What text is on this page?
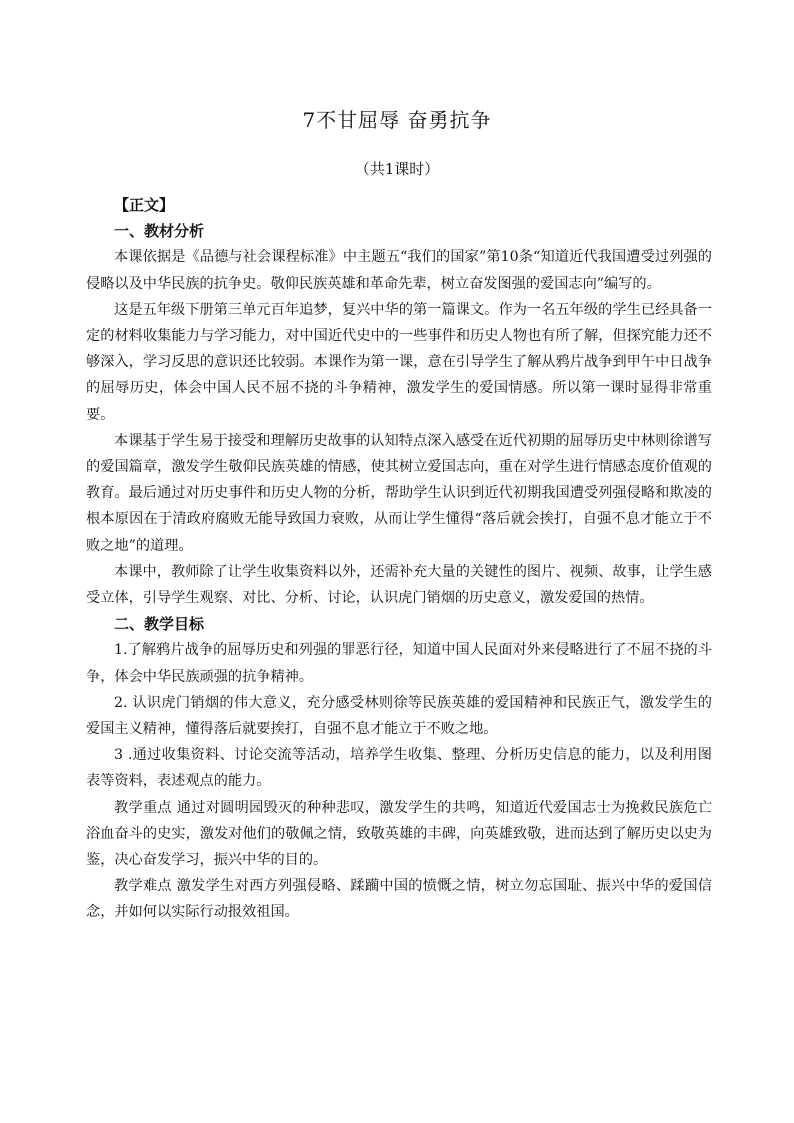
7不甘屈辱 奋勇抗争
（共1课时）

【正文】

一、教材分析

本课依据是《品德与社会课程标准》中主题五“我们的国家”第10条“知道近代我国遭受过列强的侵略以及中华民族的抗争史。敬仰民族英雄和革命先辈，树立奋发图强的爱国志向”编写的。

这是五年级下册第三单元百年追梦，复兴中华的第一篇课文。作为一名五年级的学生已经具备一定的材料收集能力与学习能力，对中国近代史中的一些事件和历史人物也有所了解，但探究能力还不够深入，学习反思的意识还比较弱。本课作为第一课，意在引导学生了解从鸦片战争到甲午中日战争的屈辱历史，体会中国人民不屈不挠的斗争精神，激发学生的爱国情感。所以第一课时显得非常重要。

本课基于学生易于接受和理解历史故事的认知特点深入感受在近代初期的屈辱历史中林则徐谱写的爱国篇章，激发学生敬仰民族英雄的情感，使其树立爱国志向，重在对学生进行情感态度价值观的教育。最后通过对历史事件和历史人物的分析，帮助学生认识到近代初期我国遭受列强侵略和欺凌的根本原因在于清政府腐败无能导致国力衰败，从而让学生懂得“落后就会挨打，自强不息才能立于不败之地”的道理。

本课中，教师除了让学生收集资料以外，还需补充大量的关键性的图片、视频、故事，让学生感受立体，引导学生观察、对比、分析、讨论，认识虎门销烟的历史意义，激发爱国的热情。

二、教学目标

1.了解鸦片战争的屈辱历史和列强的罪恶行径，知道中国人民面对外来侵略进行了不屈不挠的斗争，体会中华民族顽强的抗争精神。

2. 认识虎门销烟的伟大意义，充分感受林则徐等民族英雄的爱国精神和民族正气，激发学生的爱国主义精神，懂得落后就要挨打，自强不息才能立于不败之地。

3 .通过收集资料、讨论交流等活动，培养学生收集、整理、分析历史信息的能力，以及利用图表等资料，表述观点的能力。

教学重点 通过对圆明园毁灭的种种悲叹，激发学生的共鸣，知道近代爱国志士为挽救民族危亡浴血奋斗的史实，激发对他们的敬佩之情，致敬英雄的丰碑，向英雄致敬，进而达到了解历史以史为鉴，决心奋发学习，振兴中华的目的。

教学难点 激发学生对西方列强侵略、蹂躏中国的愤慨之情，树立勿忘国耻、振兴中华的爱国信念，并如何以实际行动报效祖国。
